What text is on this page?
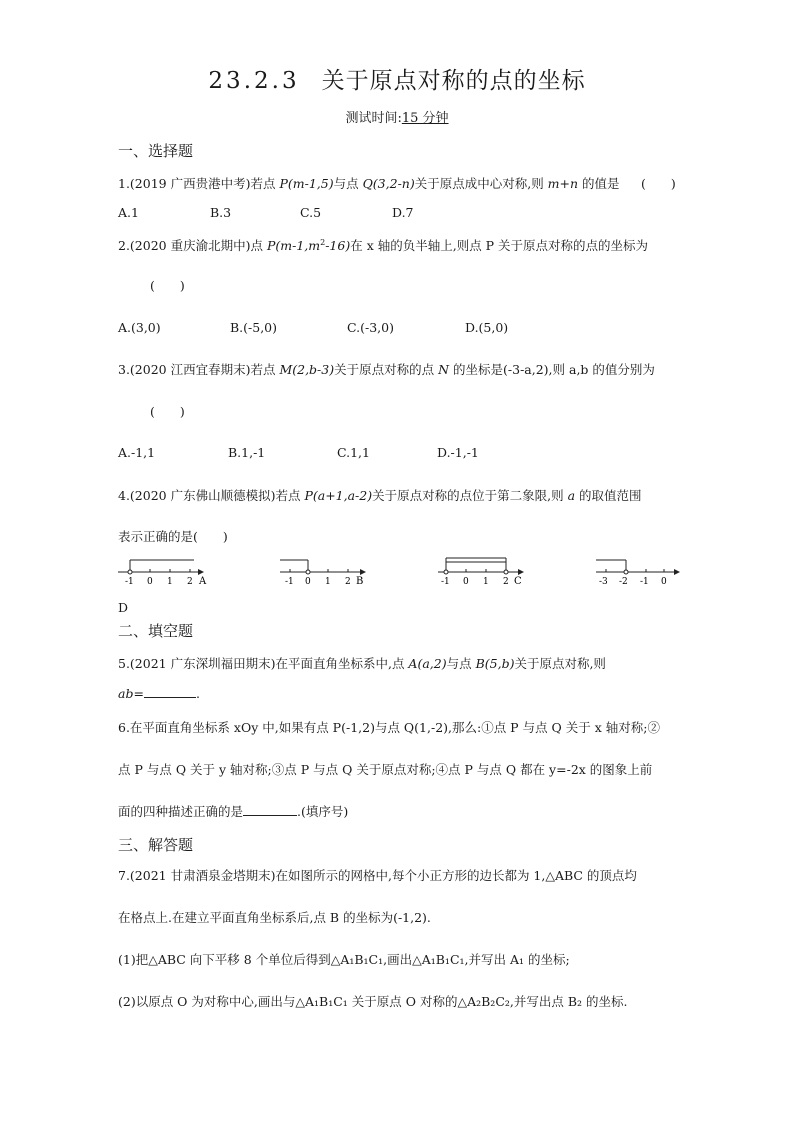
23.2.3 关于原点对称的点的坐标
测试时间:15 分钟
一、选择题
1.(2019 广西贵港中考)若点 P(m-1,5)与点 Q(3,2-n)关于原点成中心对称,则 m+n 的值是 (　　)
A.1	B.3	C.5	D.7
2.(2020 重庆渝北期中)点 $P(m-1,m^2-16)$在 x 轴的负半轴上,则点 P 关于原点对称的点的坐标为
(　　)
A.(3,0)	B.(-5,0)	C.(-3,0)	D.(5,0)
3.(2020 江西宜春期末)若点 M(2,b-3)关于原点对称的点 N 的坐标是(-3-a,2),则 a,b 的值分别为
(　　)
A.-1,1	B.1,-1	C.1,1	D.-1,-1
4.(2020 广东佛山顺德模拟)若点 P(a+1,a-2)关于原点对称的点位于第二象限,则 a 的取值范围
表示正确的是(　　)
-1 0 1 2 A	-1 0 1 2 B	-1 0 1 2 C	-3 -2 -1 0
D
二、填空题
5.(2021 广东深圳福田期末)在平面直角坐标系中,点 A(a,2)与点 B(5,b)关于原点对称,则
ab=	.
6.在平面直角坐标系 xOy 中,如果有点 P(-1,2)与点 Q(1,-2),那么:①点 P 与点 Q 关于 x 轴对称;②
点 P 与点 Q 关于 y 轴对称;③点 P 与点 Q 关于原点对称;④点 P 与点 Q 都在 y=-2x 的图象上前
面的四种描述正确的是	.(填序号)
三、解答题
7.(2021 甘肃酒泉金塔期末)在如图所示的网格中,每个小正方形的边长都为 1,△ABC 的顶点均
在格点上.在建立平面直角坐标系后,点 B 的坐标为(-1,2).
(1)把△ABC 向下平移 8 个单位后得到△A₁B₁C₁,画出△A₁B₁C₁,并写出 A₁ 的坐标;
(2)以原点 O 为对称中心,画出与△A₁B₁C₁ 关于原点 O 对称的△A₂B₂C₂,并写出点 B₂ 的坐标.
